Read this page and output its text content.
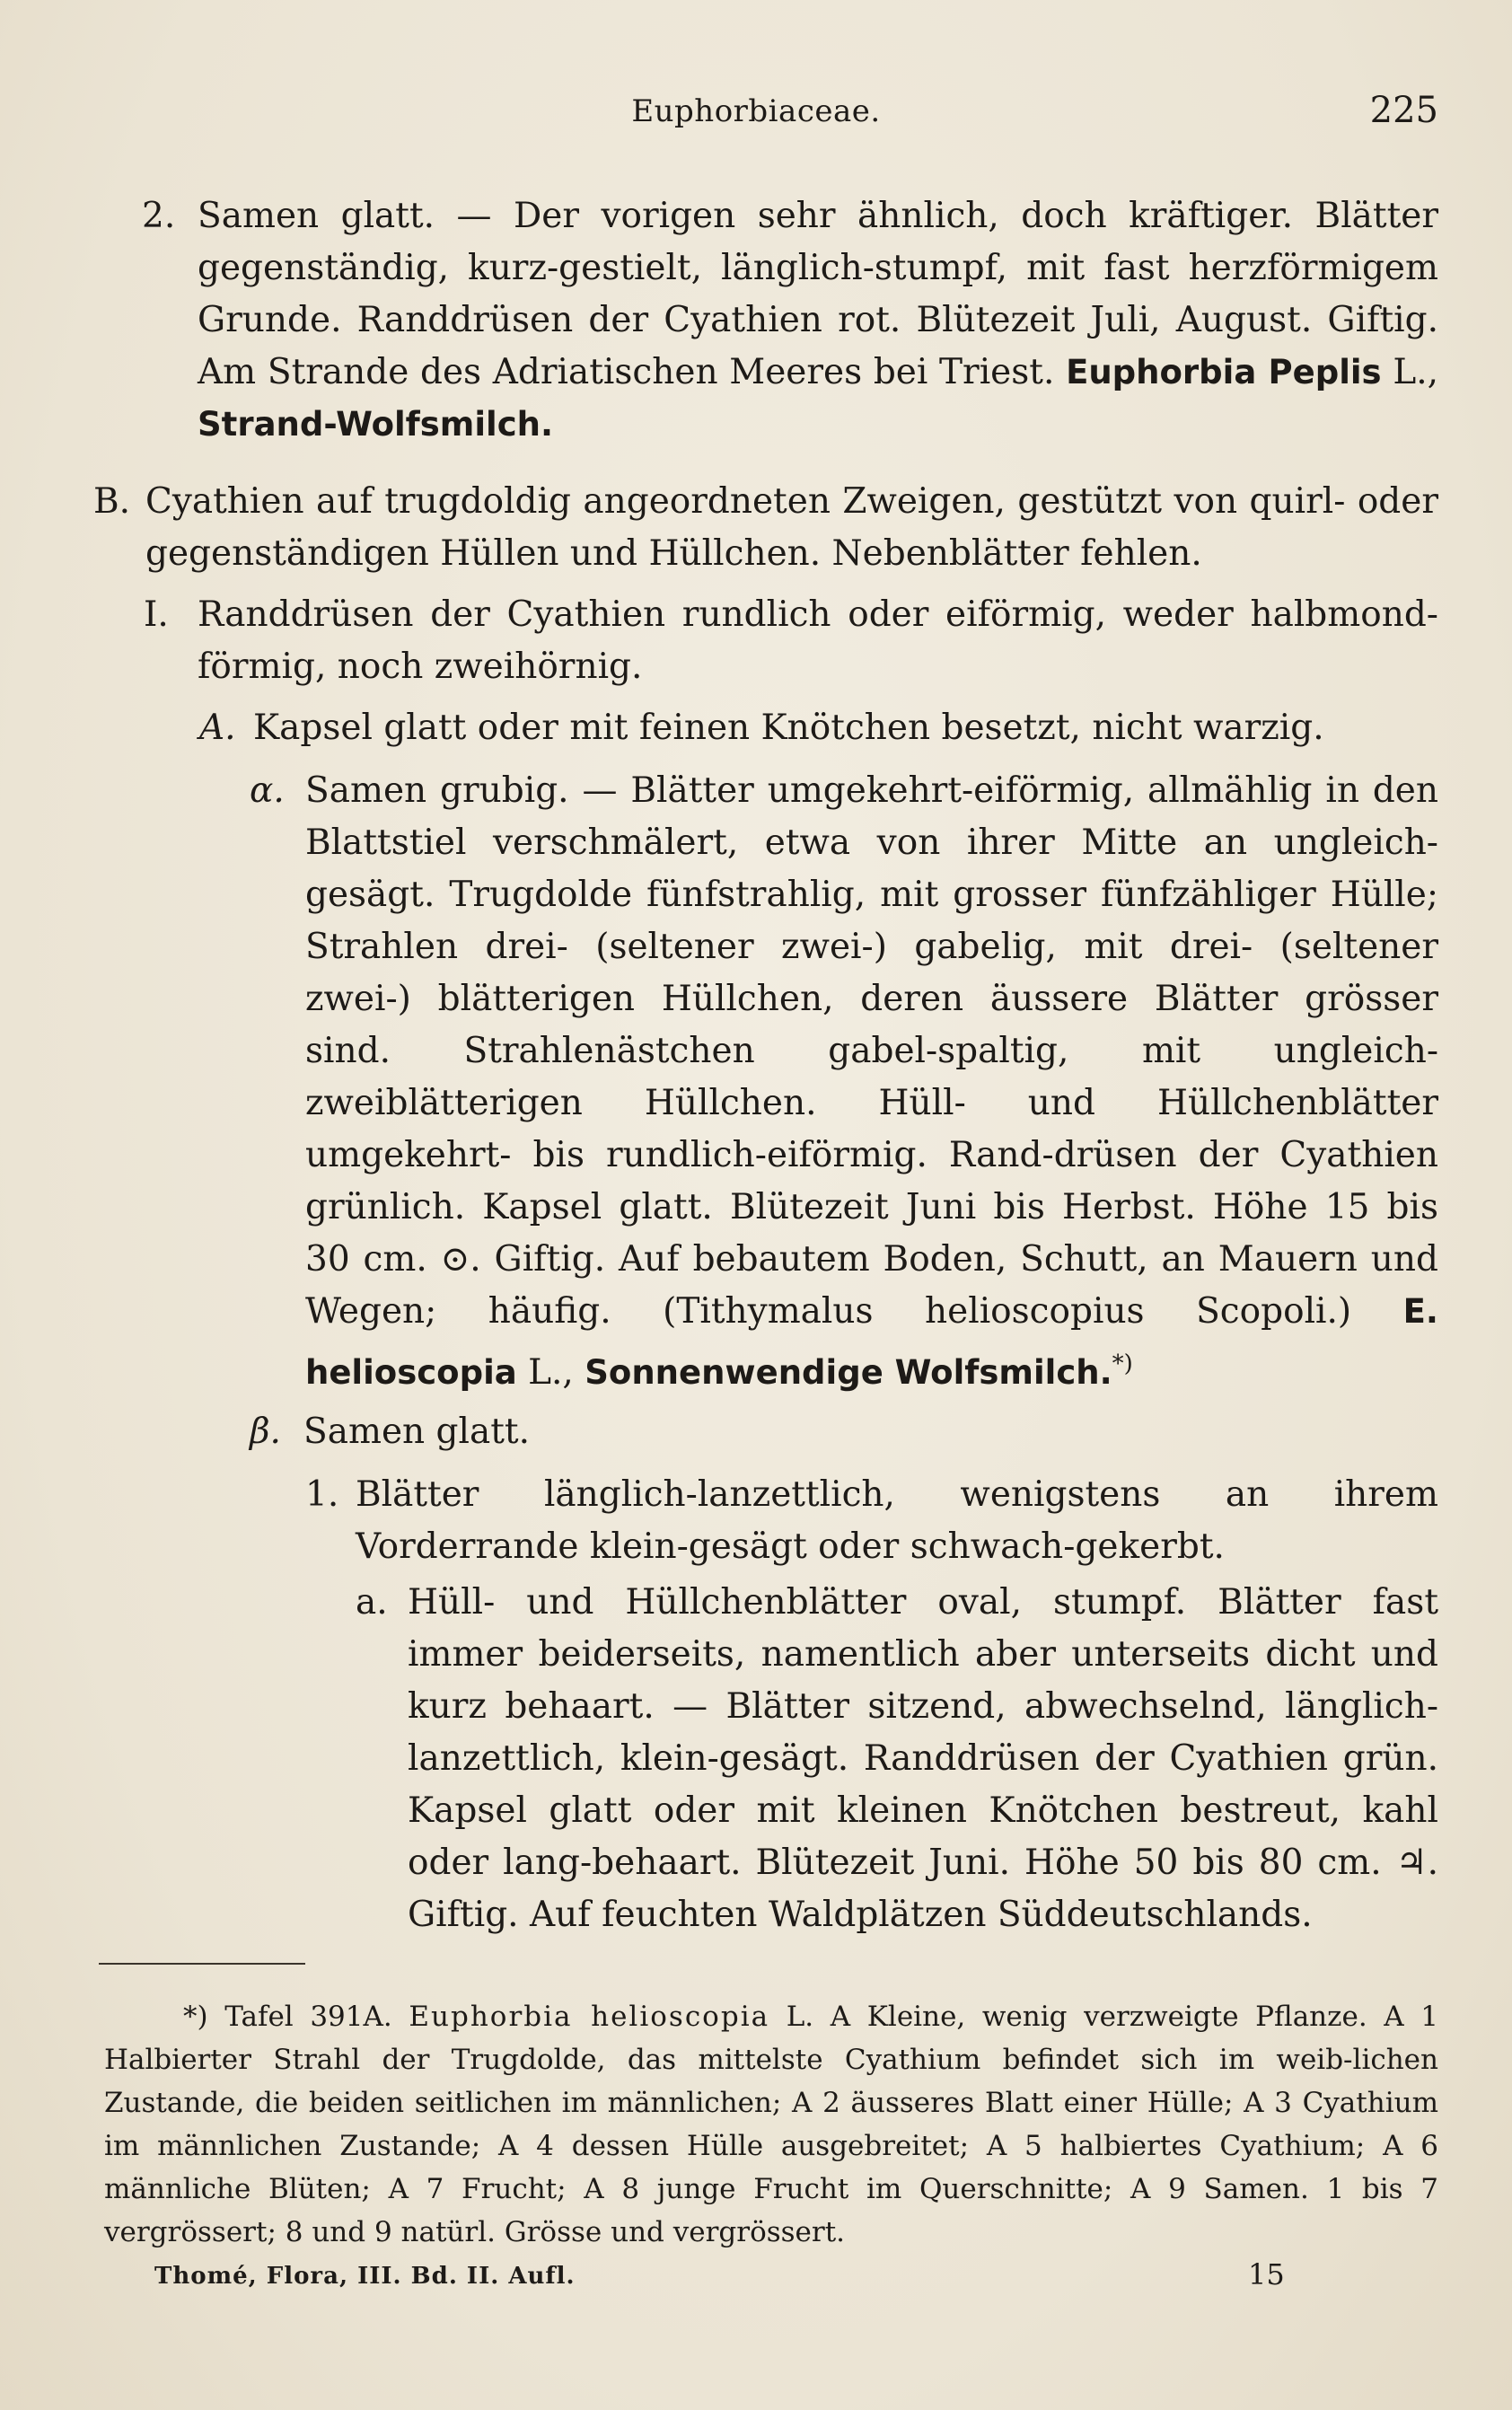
Euphorbiaceae.	225
2. Samen glatt. — Der vorigen sehr ähnlich, doch kräftiger. Blätter gegenständig, kurz-gestielt, länglich-stumpf, mit fast herzförmigem Grunde. Randdrüsen der Cyathien rot. Blütezeit Juli, August. Giftig. Am Strande des Adriatischen Meeres bei Triest. Euphorbia Peplis L., Strand-Wolfsmilch.

B. Cyathien auf trugdoldig angeordneten Zweigen, gestützt von quirl- oder gegenständigen Hüllen und Hüllchen. Nebenblätter fehlen.

I. Randdrüsen der Cyathien rundlich oder eiförmig, weder halbmond-förmig, noch zweihörnig.

A. Kapsel glatt oder mit feinen Knötchen besetzt, nicht warzig.

α. Samen grubig. — Blätter umgekehrt-eiförmig, allmählig in den Blattstiel verschmälert, etwa von ihrer Mitte an ungleich-gesägt. Trugdolde fünfstrahlig, mit grosser fünfzähliger Hülle; Strahlen drei- (seltener zwei-) gabelig, mit drei- (seltener zwei-) blätterigen Hüllchen, deren äussere Blätter grösser sind. Strahlenästchen gabel-spaltig, mit ungleich-zweiblätterigen Hüllchen. Hüll- und Hüllchenblätter umgekehrt- bis rundlich-eiförmig. Rand-drüsen der Cyathien grünlich. Kapsel glatt. Blütezeit Juni bis Herbst. Höhe 15 bis 30 cm. ⊙. Giftig. Auf bebautem Boden, Schutt, an Mauern und Wegen; häufig. (Tithymalus helioscopius Scopoli.) E. helioscopia L., Sonnenwendige Wolfsmilch.*)

β. Samen glatt.

1. Blätter länglich-lanzettlich, wenigstens an ihrem Vorderrande klein-gesägt oder schwach-gekerbt.

a. Hüll- und Hüllchenblätter oval, stumpf. Blätter fast immer beiderseits, namentlich aber unterseits dicht und kurz behaart. — Blätter sitzend, abwechselnd, länglich-lanzettlich, klein-gesägt. Randdrüsen der Cyathien grün. Kapsel glatt oder mit kleinen Knötchen bestreut, kahl oder lang-behaart. Blütezeit Juni. Höhe 50 bis 80 cm. ♃. Giftig. Auf feuchten Waldplätzen Süddeutschlands.

*) Tafel 391A. Euphorbia helioscopia L. A Kleine, wenig verzweigte Pflanze. A 1 Halbierter Strahl der Trugdolde, das mittelste Cyathium befindet sich im weib-lichen Zustande, die beiden seitlichen im männlichen; A 2 äusseres Blatt einer Hülle; A 3 Cyathium im männlichen Zustande; A 4 dessen Hülle ausgebreitet; A 5 halbiertes Cyathium; A 6 männliche Blüten; A 7 Frucht; A 8 junge Frucht im Querschnitte; A 9 Samen. 1 bis 7 vergrössert; 8 und 9 natürl. Grösse und vergrössert.

Thomé, Flora, III. Bd. II. Aufl.	15
